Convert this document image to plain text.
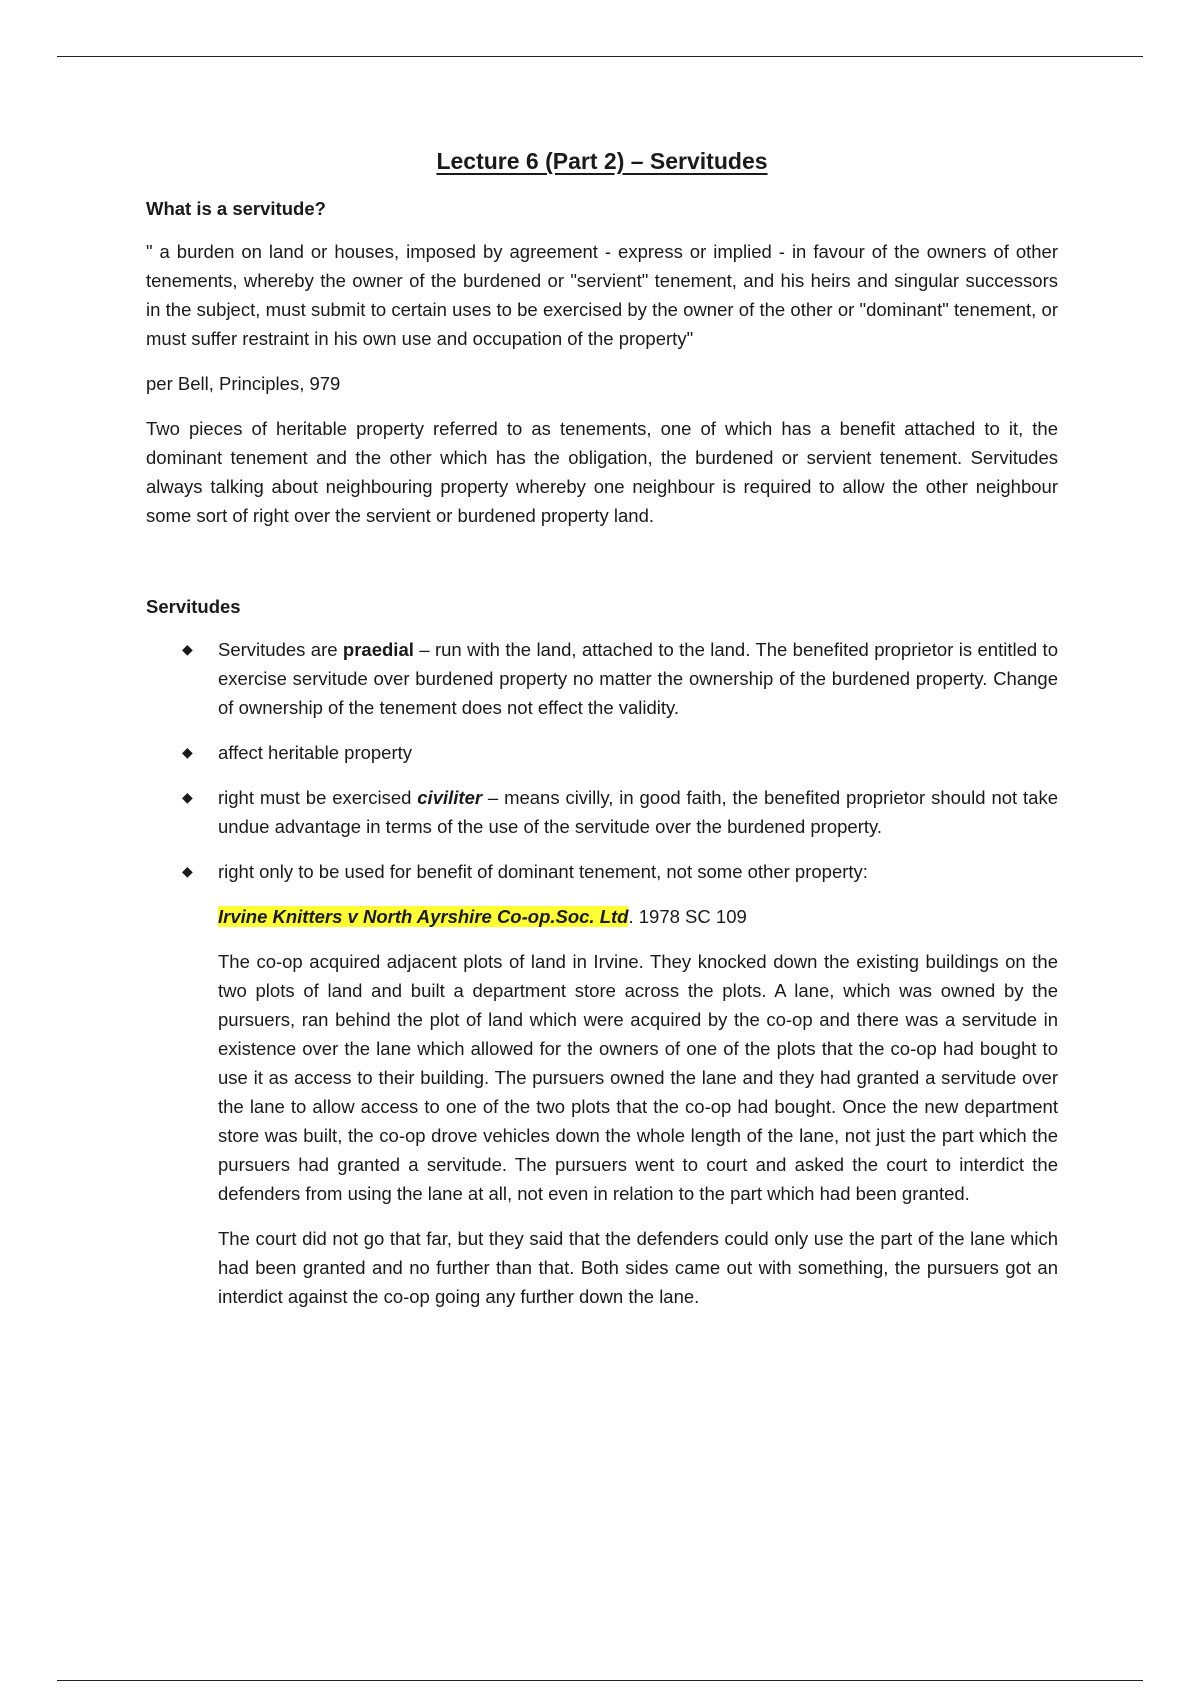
Lecture 6 (Part 2) – Servitudes
What is a servitude?

" a burden on land or houses, imposed by agreement - express or implied - in favour of the owners of other tenements, whereby the owner of the burdened or "servient" tenement, and his heirs and singular successors in the subject, must submit to certain uses to be exercised by the owner of the other or "dominant" tenement, or must suffer restraint in his own use and occupation of the property"

per Bell, Principles, 979

Two pieces of heritable property referred to as tenements, one of which has a benefit attached to it, the dominant tenement and the other which has the obligation, the burdened or servient tenement. Servitudes always talking about neighbouring property whereby one neighbour is required to allow the other neighbour some sort of right over the servient or burdened property land.

Servitudes
◆ Servitudes are praedial – run with the land, attached to the land. The benefited proprietor is entitled to exercise servitude over burdened property no matter the ownership of the burdened property. Change of ownership of the tenement does not effect the validity.
◆ affect heritable property
◆ right must be exercised civiliter – means civilly, in good faith, the benefited proprietor should not take undue advantage in terms of the use of the servitude over the burdened property.
◆ right only to be used for benefit of dominant tenement, not some other property:

Irvine Knitters v North Ayrshire Co-op.Soc. Ltd. 1978 SC 109

The co-op acquired adjacent plots of land in Irvine. They knocked down the existing buildings on the two plots of land and built a department store across the plots. A lane, which was owned by the pursuers, ran behind the plot of land which were acquired by the co-op and there was a servitude in existence over the lane which allowed for the owners of one of the plots that the co-op had bought to use it as access to their building. The pursuers owned the lane and they had granted a servitude over the lane to allow access to one of the two plots that the co-op had bought. Once the new department store was built, the co-op drove vehicles down the whole length of the lane, not just the part which the pursuers had granted a servitude. The pursuers went to court and asked the court to interdict the defenders from using the lane at all, not even in relation to the part which had been granted.

The court did not go that far, but they said that the defenders could only use the part of the lane which had been granted and no further than that. Both sides came out with something, the pursuers got an interdict against the co-op going any further down the lane.
